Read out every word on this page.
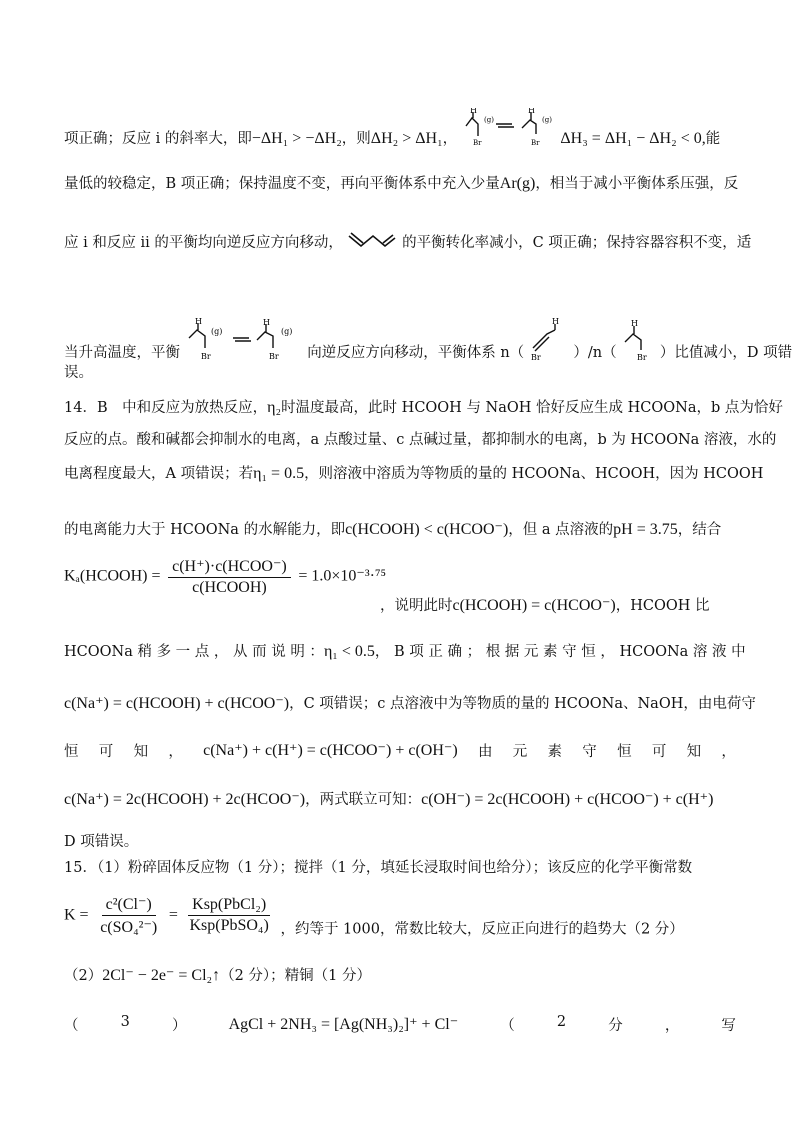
项正确；反应 i 的斜率大，即−ΔH₁ > −ΔH₂，则ΔH₂ > ΔH₁，
H
Br
(g)
H
Br
(g)
ΔH₃ = ΔH₁ − ΔH₂ < 0,能
量低的较稳定，B 项正确；保持温度不变，再向平衡体系中充入少量Ar(g)，相当于减小平衡体系压强，反
应 i 和反应 ii 的平衡均向逆反应方向移动，	的平衡转化率减小，C 项正确；保持容器容积不变，适
当升高温度，平衡
H
Br
(g)
H
Br
(g)
向逆反应方向移动，平衡体系 n（
H
Br ）/n（
H
Br ）比值减小，D 项错
误。
14．B　中和反应为放热反应，η₂时温度最高，此时 HCOOH 与 NaOH 恰好反应生成 HCOONa，b 点为恰好
反应的点。酸和碱都会抑制水的电离，a 点酸过量、c 点碱过量，都抑制水的电离，b 为 HCOONa 溶液，水的
电离程度最大，A 项错误；若η₁ = 0.5，则溶液中溶质为等物质的量的 HCOONa、HCOOH，因为 HCOOH
的电离能力大于 HCOONa 的水解能力，即c(HCOOH) < c(HCOO⁻)，但 a 点溶液的pH = 3.75，结合
Kₐ(HCOOH) = $\frac{\text{c(H⁺)·c(HCOO⁻)}}{\text{c(HCOOH)}} = 1.0\times 10^{-3}\cdot^{75}$
，说明此时c(HCOOH) = c(HCOO⁻)，HCOOH 比
HCOONa 稍 多 一 点 ， 从 而 说 明 ：η₁ < 0.5， B 项 正 确 ； 根 据 元 素 守 恒 ， HCOONa 溶 液 中
c(Na⁺) = c(HCOOH) + c(HCOO⁻)，C 项错误；c 点溶液中为等物质的量的 HCOONa、NaOH，由电荷守
恒 可 知 ， c(Na⁺) + c(H⁺) = c(HCOO⁻) + c(OH⁻) 由 元 素 守 恒 可 知 ，
c(Na⁺) = 2c(HCOOH) + 2c(HCOO⁻)，两式联立可知：c(OH⁻) = 2c(HCOOH) + c(HCOO⁻) + c(H⁺)
D 项错误。
15．（1）粉碎固体反应物（1 分）；搅拌（1 分，填延长浸取时间也给分）；该反应的化学平衡常数
$K = \frac{\text{c²(Cl⁻)}}{\text{c(SO₄²⁻)}} = \frac{\text{Ksp(PbCl₂)}}{\text{Ksp(PbSO₄)}}$ ，约等于 1000，常数比较大，反应正向进行的趋势大（2 分）
（2）2Cl⁻ − 2e⁻ = Cl₂↑（2 分）；精铜（1 分）
（	3	）	AgCl + 2NH₃ = [Ag(NH₃)₂]⁺ + Cl⁻	（	2	分	，	写
